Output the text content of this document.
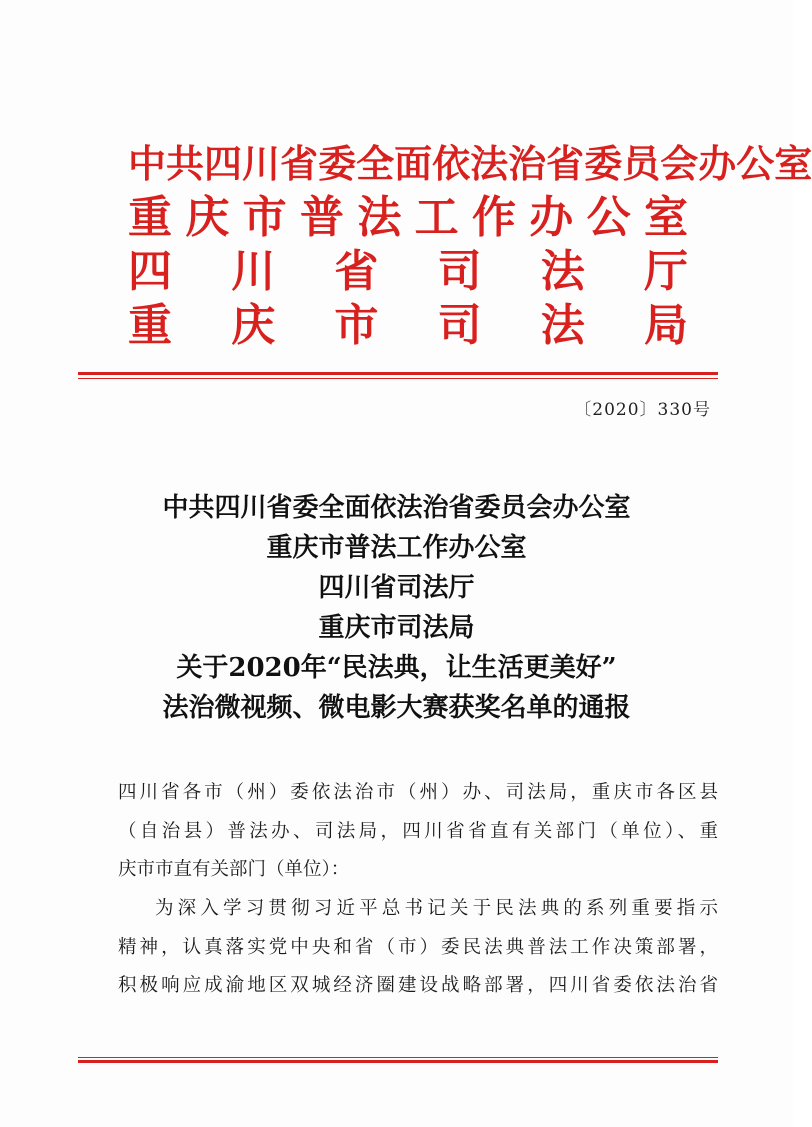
中 共 四 川 省 委 全 面 依 法 治 省 委 员 会 办 公 室
重 庆 市 普 法 工 作 办 公 室
四 川 省 司 法 厅
重 庆 市 司 法 局
〔2020〕330号
中共四川省委全面依法治省委员会办公室
重庆市普法工作办公室
四川省司法厅
重庆市司法局
关于2020年“民法典，让生活更美好”
法治微视频、微电影大赛获奖名单的通报

四川省各市（州）委依法治市（州）办、司法局，重庆市各区县

（自治县）普法办、司法局，四川省省直有关部门（单位）、重

庆市市直有关部门（单位）：

为深入学习贯彻习近平总书记关于民法典的系列重要指示

精神，认真落实党中央和省（市）委民法典普法工作决策部署，

积极响应成渝地区双城经济圈建设战略部署，四川省委依法治省
